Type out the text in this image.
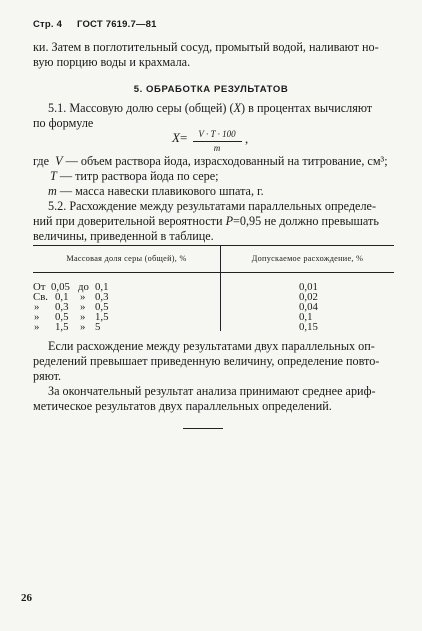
Стр. 4 ГОСТ 7619.7—81
ки. Затем в поглотительный сосуд, промытый водой, наливают но-
вую порцию воды и крахмала.
5. ОБРАБОТКА РЕЗУЛЬТАТОВ
5.1. Массовую долю серы (общей) (X) в процентах вычисляют
по формуле
X=	V · T · 100
m
,
где V — объем раствора йода, израсходованный на титрование, см³;
T — титр раствора йода по сере;
m — масса навески плавикового шпата, г.
5.2. Расхождение между результатами параллельных определе-
ний при доверительной вероятности P=0,95 не должно превышать
величины, приведенной в таблице.
Массовая доля серы (общей), %	Допускаемое расхождение, %
От 0,05 до 0,1	0,01
Св. 0,1 » 0,3	0,02
» 0,3 » 0,5	0,04
» 0,5 » 1,5	0,1
» 1,5 » 5	0,15
Если расхождение между результатами двух параллельных оп-
ределений превышает приведенную величину, определение повто-
ряют.
За окончательный результат анализа принимают среднее ариф-
метическое результатов двух параллельных определений.
26
